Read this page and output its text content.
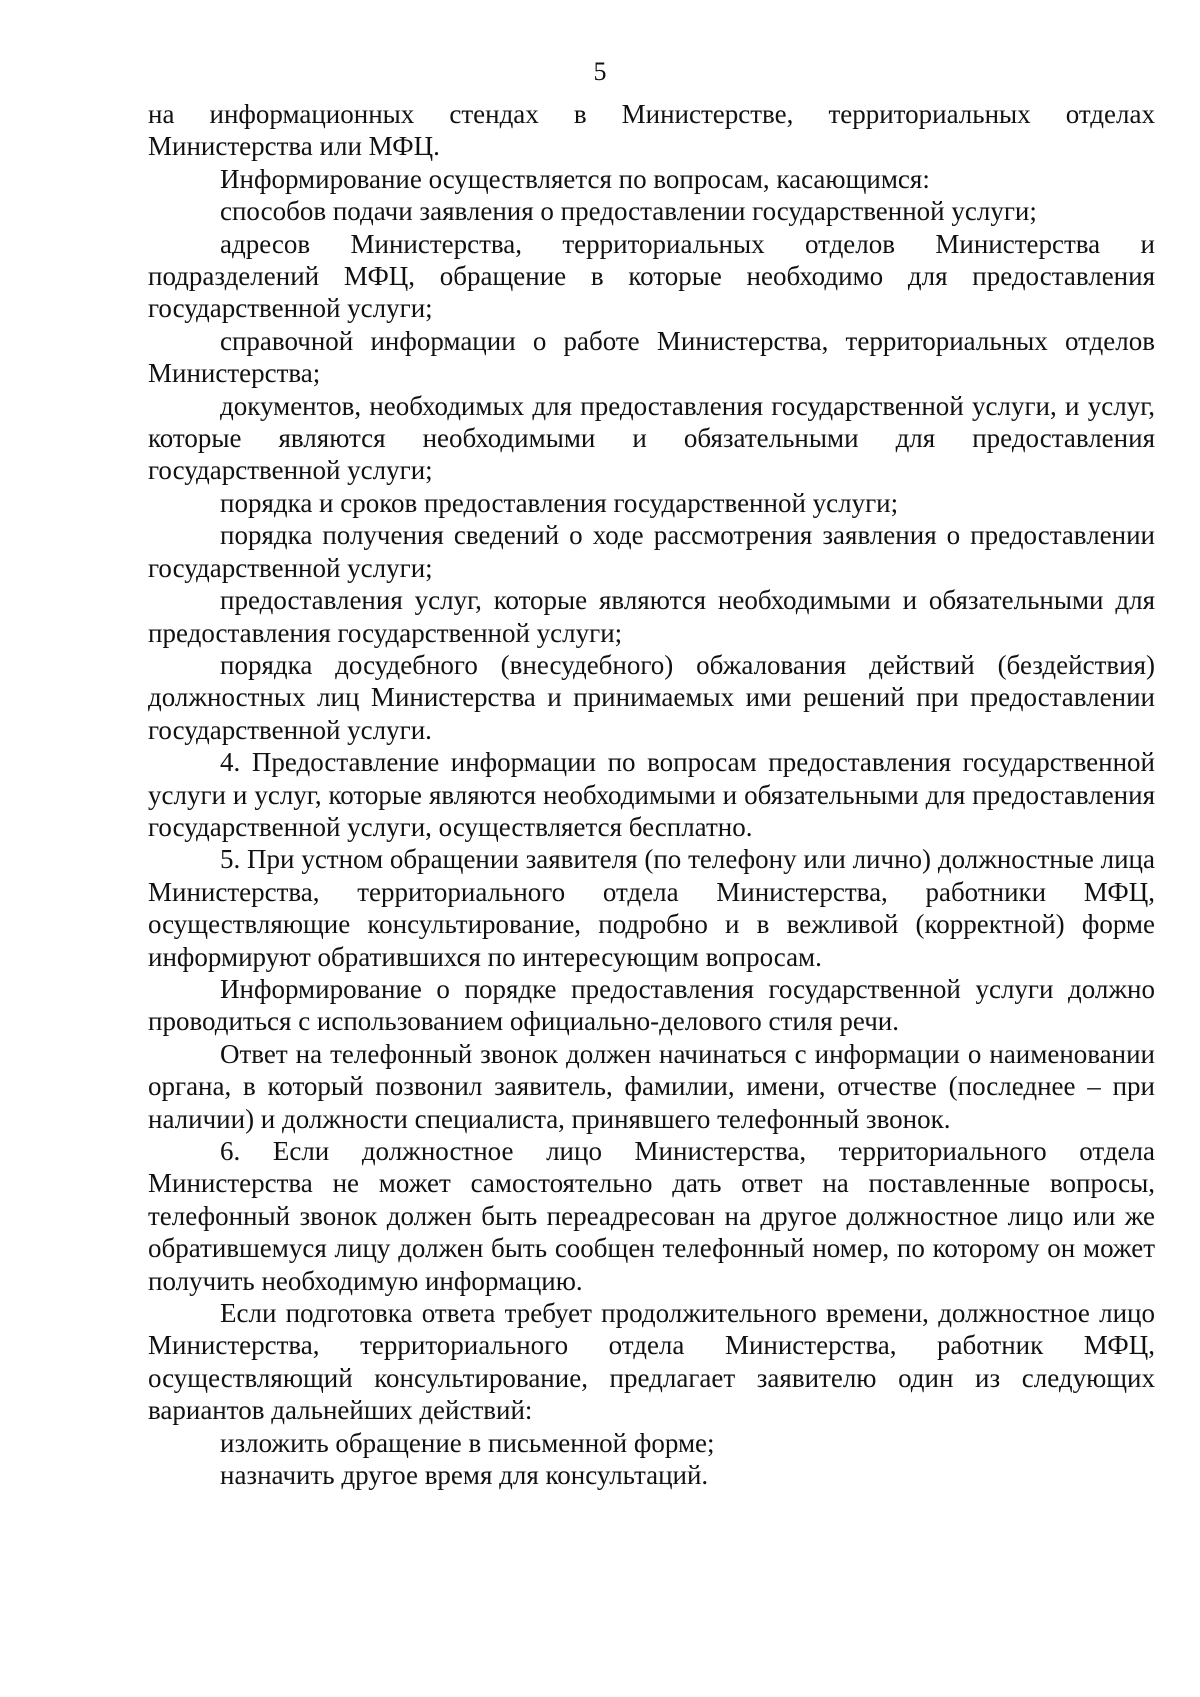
5

на информационных стендах в Министерстве, территориальных отделах Министерства или МФЦ.

Информирование осуществляется по вопросам, касающимся:

способов подачи заявления о предоставлении государственной услуги;

адресов Министерства, территориальных отделов Министерства и подразделений МФЦ, обращение в которые необходимо для предоставления государственной услуги;

справочной информации о работе Министерства, территориальных отделов Министерства;

документов, необходимых для предоставления государственной услуги, и услуг, которые являются необходимыми и обязательными для предоставления государственной услуги;

порядка и сроков предоставления государственной услуги;

порядка получения сведений о ходе рассмотрения заявления о предоставлении государственной услуги;

предоставления услуг, которые являются необходимыми и обязательными для предоставления государственной услуги;

порядка досудебного (внесудебного) обжалования действий (бездействия) должностных лиц Министерства и принимаемых ими решений при предоставлении государственной услуги.

4. Предоставление информации по вопросам предоставления государственной услуги и услуг, которые являются необходимыми и обязательными для предоставления государственной услуги, осуществляется бесплатно.

5. При устном обращении заявителя (по телефону или лично) должностные лица Министерства, территориального отдела Министерства, работники МФЦ, осуществляющие консультирование, подробно и в вежливой (корректной) форме информируют обратившихся по интересующим вопросам.

Информирование о порядке предоставления государственной услуги должно проводиться с использованием официально-делового стиля речи.

Ответ на телефонный звонок должен начинаться с информации о наименовании органа, в который позвонил заявитель, фамилии, имени, отчестве (последнее – при наличии) и должности специалиста, принявшего телефонный звонок.

6. Если должностное лицо Министерства, территориального отдела Министерства не может самостоятельно дать ответ на поставленные вопросы, телефонный звонок должен быть переадресован на другое должностное лицо или же обратившемуся лицу должен быть сообщен телефонный номер, по которому он может получить необходимую информацию.

Если подготовка ответа требует продолжительного времени, должностное лицо Министерства, территориального отдела Министерства, работник МФЦ, осуществляющий консультирование, предлагает заявителю один из следующих вариантов дальнейших действий:

изложить обращение в письменной форме;

назначить другое время для консультаций.
